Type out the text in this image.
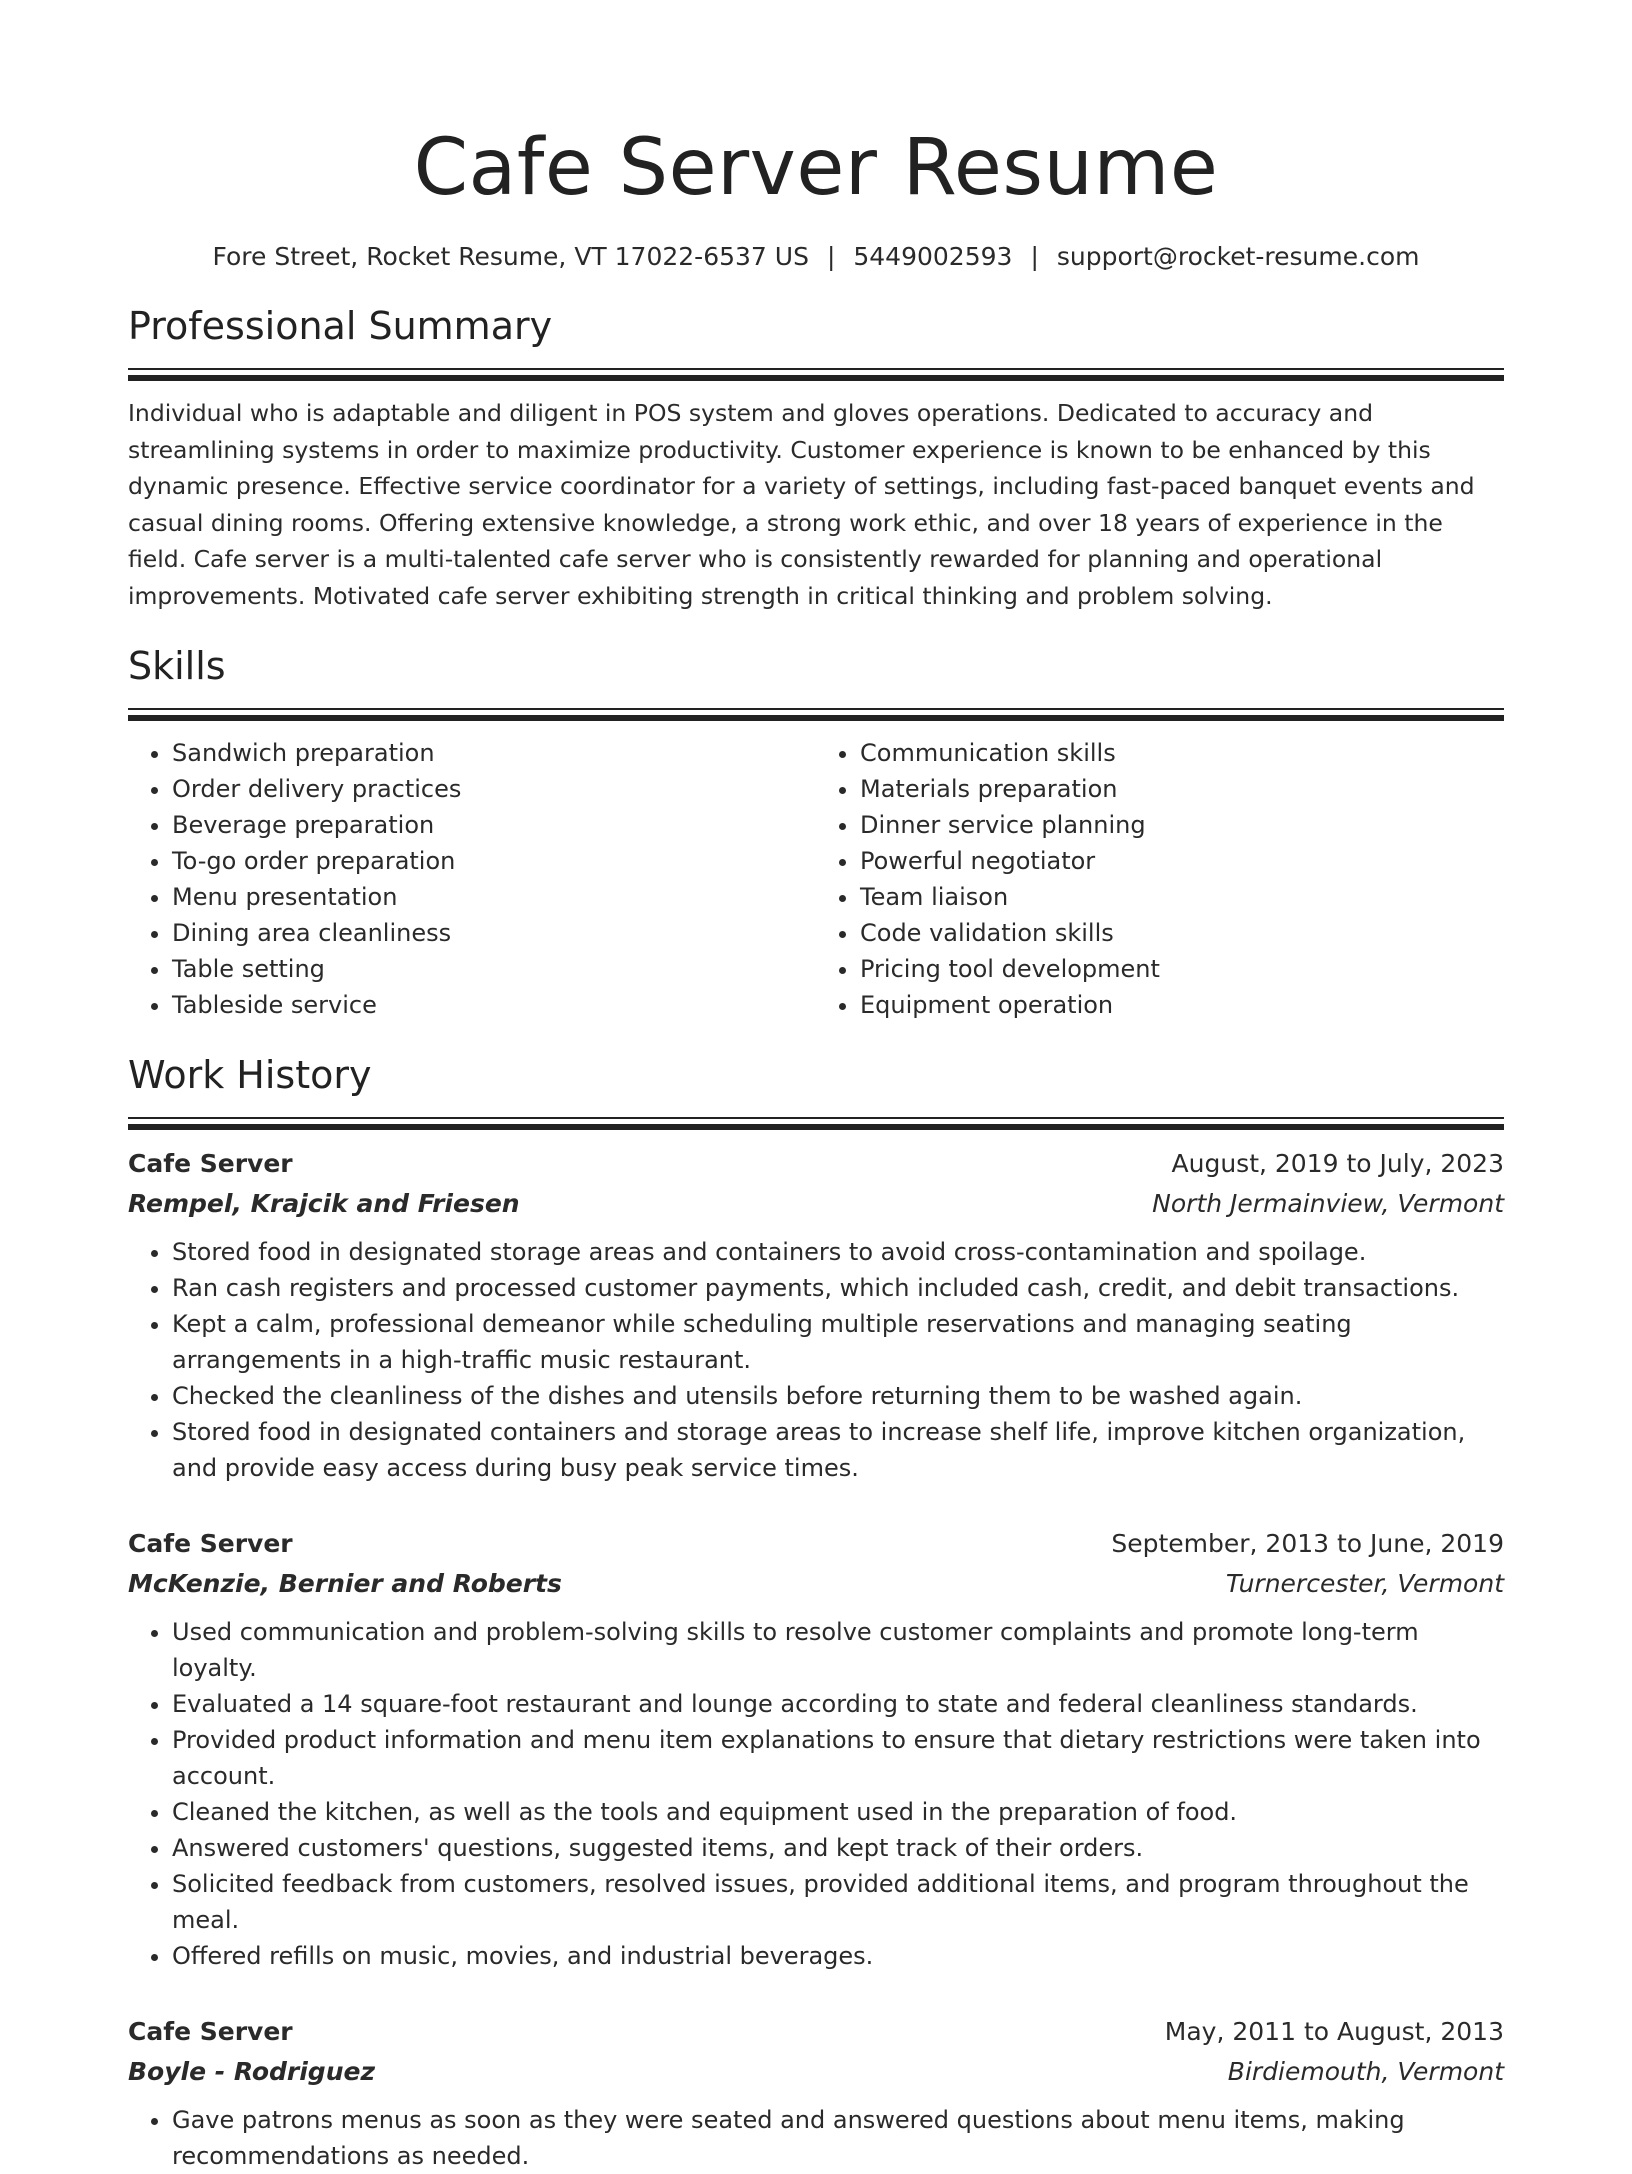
Cafe Server Resume
Fore Street, Rocket Resume, VT 17022-6537 US | 5449002593 | support@rocket-resume.com
Professional Summary

Individual who is adaptable and diligent in POS system and gloves operations. Dedicated to accuracy and streamlining systems in order to maximize productivity. Customer experience is known to be enhanced by this dynamic presence. Effective service coordinator for a variety of settings, including fast-paced banquet events and casual dining rooms. Offering extensive knowledge, a strong work ethic, and over 18 years of experience in the field. Cafe server is a multi-talented cafe server who is consistently rewarded for planning and operational improvements. Motivated cafe server exhibiting strength in critical thinking and problem solving.

Skills
• Sandwich preparation
• Order delivery practices
• Beverage preparation
• To-go order preparation
• Menu presentation
• Dining area cleanliness
• Table setting
• Tableside service
• Communication skills
• Materials preparation
• Dinner service planning
• Powerful negotiator
• Team liaison
• Code validation skills
• Pricing tool development
• Equipment operation
Work History
Cafe Server	August, 2019 to July, 2023
Rempel, Krajcik and Friesen	North Jermainview, Vermont
• Stored food in designated storage areas and containers to avoid cross-contamination and spoilage.
• Ran cash registers and processed customer payments, which included cash, credit, and debit transactions.
• Kept a calm, professional demeanor while scheduling multiple reservations and managing seating arrangements in a high-traffic music restaurant.
• Checked the cleanliness of the dishes and utensils before returning them to be washed again.
• Stored food in designated containers and storage areas to increase shelf life, improve kitchen organization, and provide easy access during busy peak service times.
Cafe Server	September, 2013 to June, 2019
McKenzie, Bernier and Roberts	Turnercester, Vermont
• Used communication and problem-solving skills to resolve customer complaints and promote long-term loyalty.
• Evaluated a 14 square-foot restaurant and lounge according to state and federal cleanliness standards.
• Provided product information and menu item explanations to ensure that dietary restrictions were taken into account.
• Cleaned the kitchen, as well as the tools and equipment used in the preparation of food.
• Answered customers' questions, suggested items, and kept track of their orders.
• Solicited feedback from customers, resolved issues, provided additional items, and program throughout the meal.
• Offered refills on music, movies, and industrial beverages.
Cafe Server	May, 2011 to August, 2013
Boyle - Rodriguez	Birdiemouth, Vermont
• Gave patrons menus as soon as they were seated and answered questions about menu items, making recommendations as needed.
